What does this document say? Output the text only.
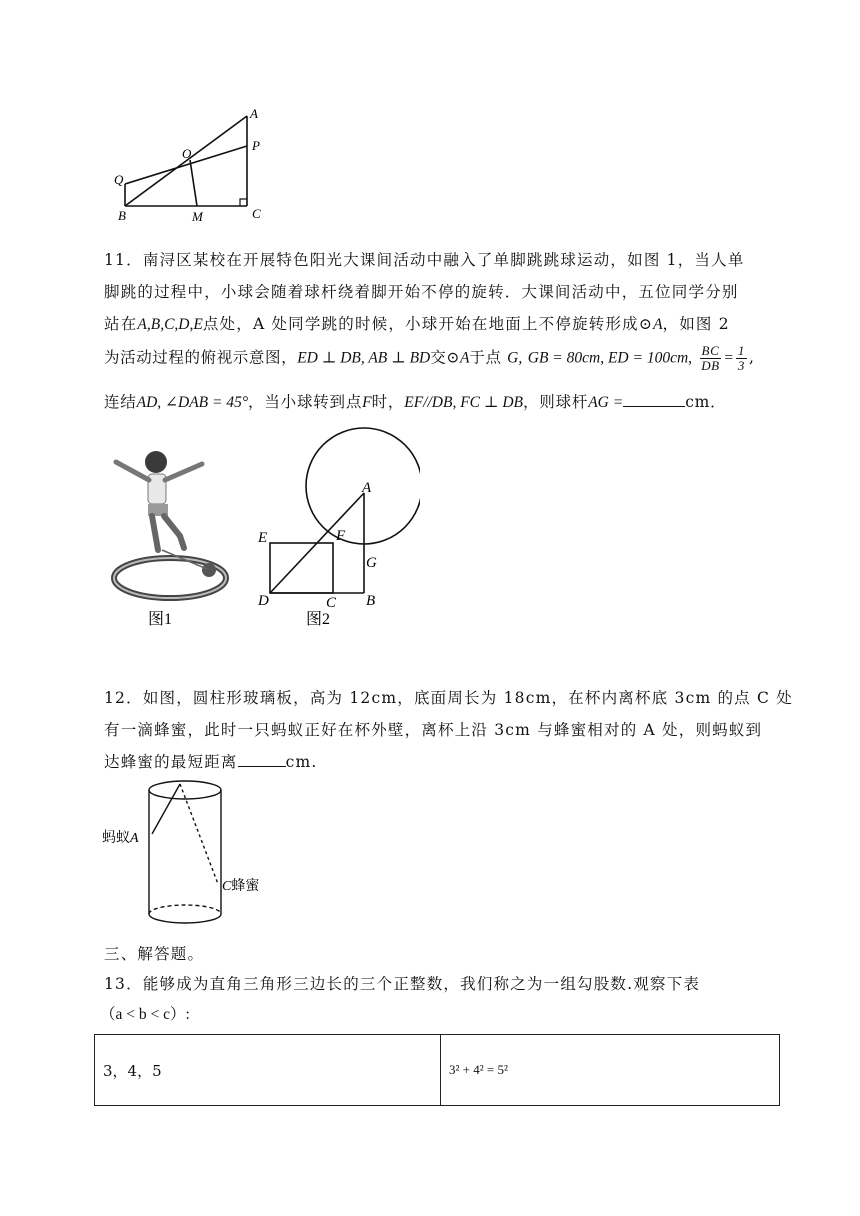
A
O
P
Q
B	M	C
11．南浔区某校在开展特色阳光大课间活动中融入了单脚跳跳球运动，如图 1，当人单
脚跳的过程中，小球会随着球杆绕着脚开始不停的旋转．大课间活动中，五位同学分别
站在A,B,C,D,E点处，A 处同学跳的时候，小球开始在地面上不停旋转形成⊙A，如图 2
为活动过程的俯视示意图，ED ⊥ DB, AB ⊥ BD交⊙A于点 G, GB = 80cm, ED = 100cm, $\frac{BC}{DB} = \frac{1}{3}$ ,
连结AD, ∠DAB = 45°，当小球转到点F时，EF//DB, FC ⊥ DB，则球杆AG =	cm．
图1
A
E	F
G
D	C B
图2
12．如图，圆柱形玻璃板，高为 12cm，底面周长为 18cm，在杯内离杯底 3cm 的点 C 处
有一滴蜂蜜，此时一只蚂蚁正好在杯外壁，离杯上沿 3cm 与蜂蜜相对的 A 处，则蚂蚁到
达蜂蜜的最短距离	cm.
蚂蚁A
C蜂蜜
三、解答题。
13．能够成为直角三角形三边长的三个正整数，我们称之为一组勾股数.观察下表
（a < b < c）:
3，4，5	3² + 4² = 5²
